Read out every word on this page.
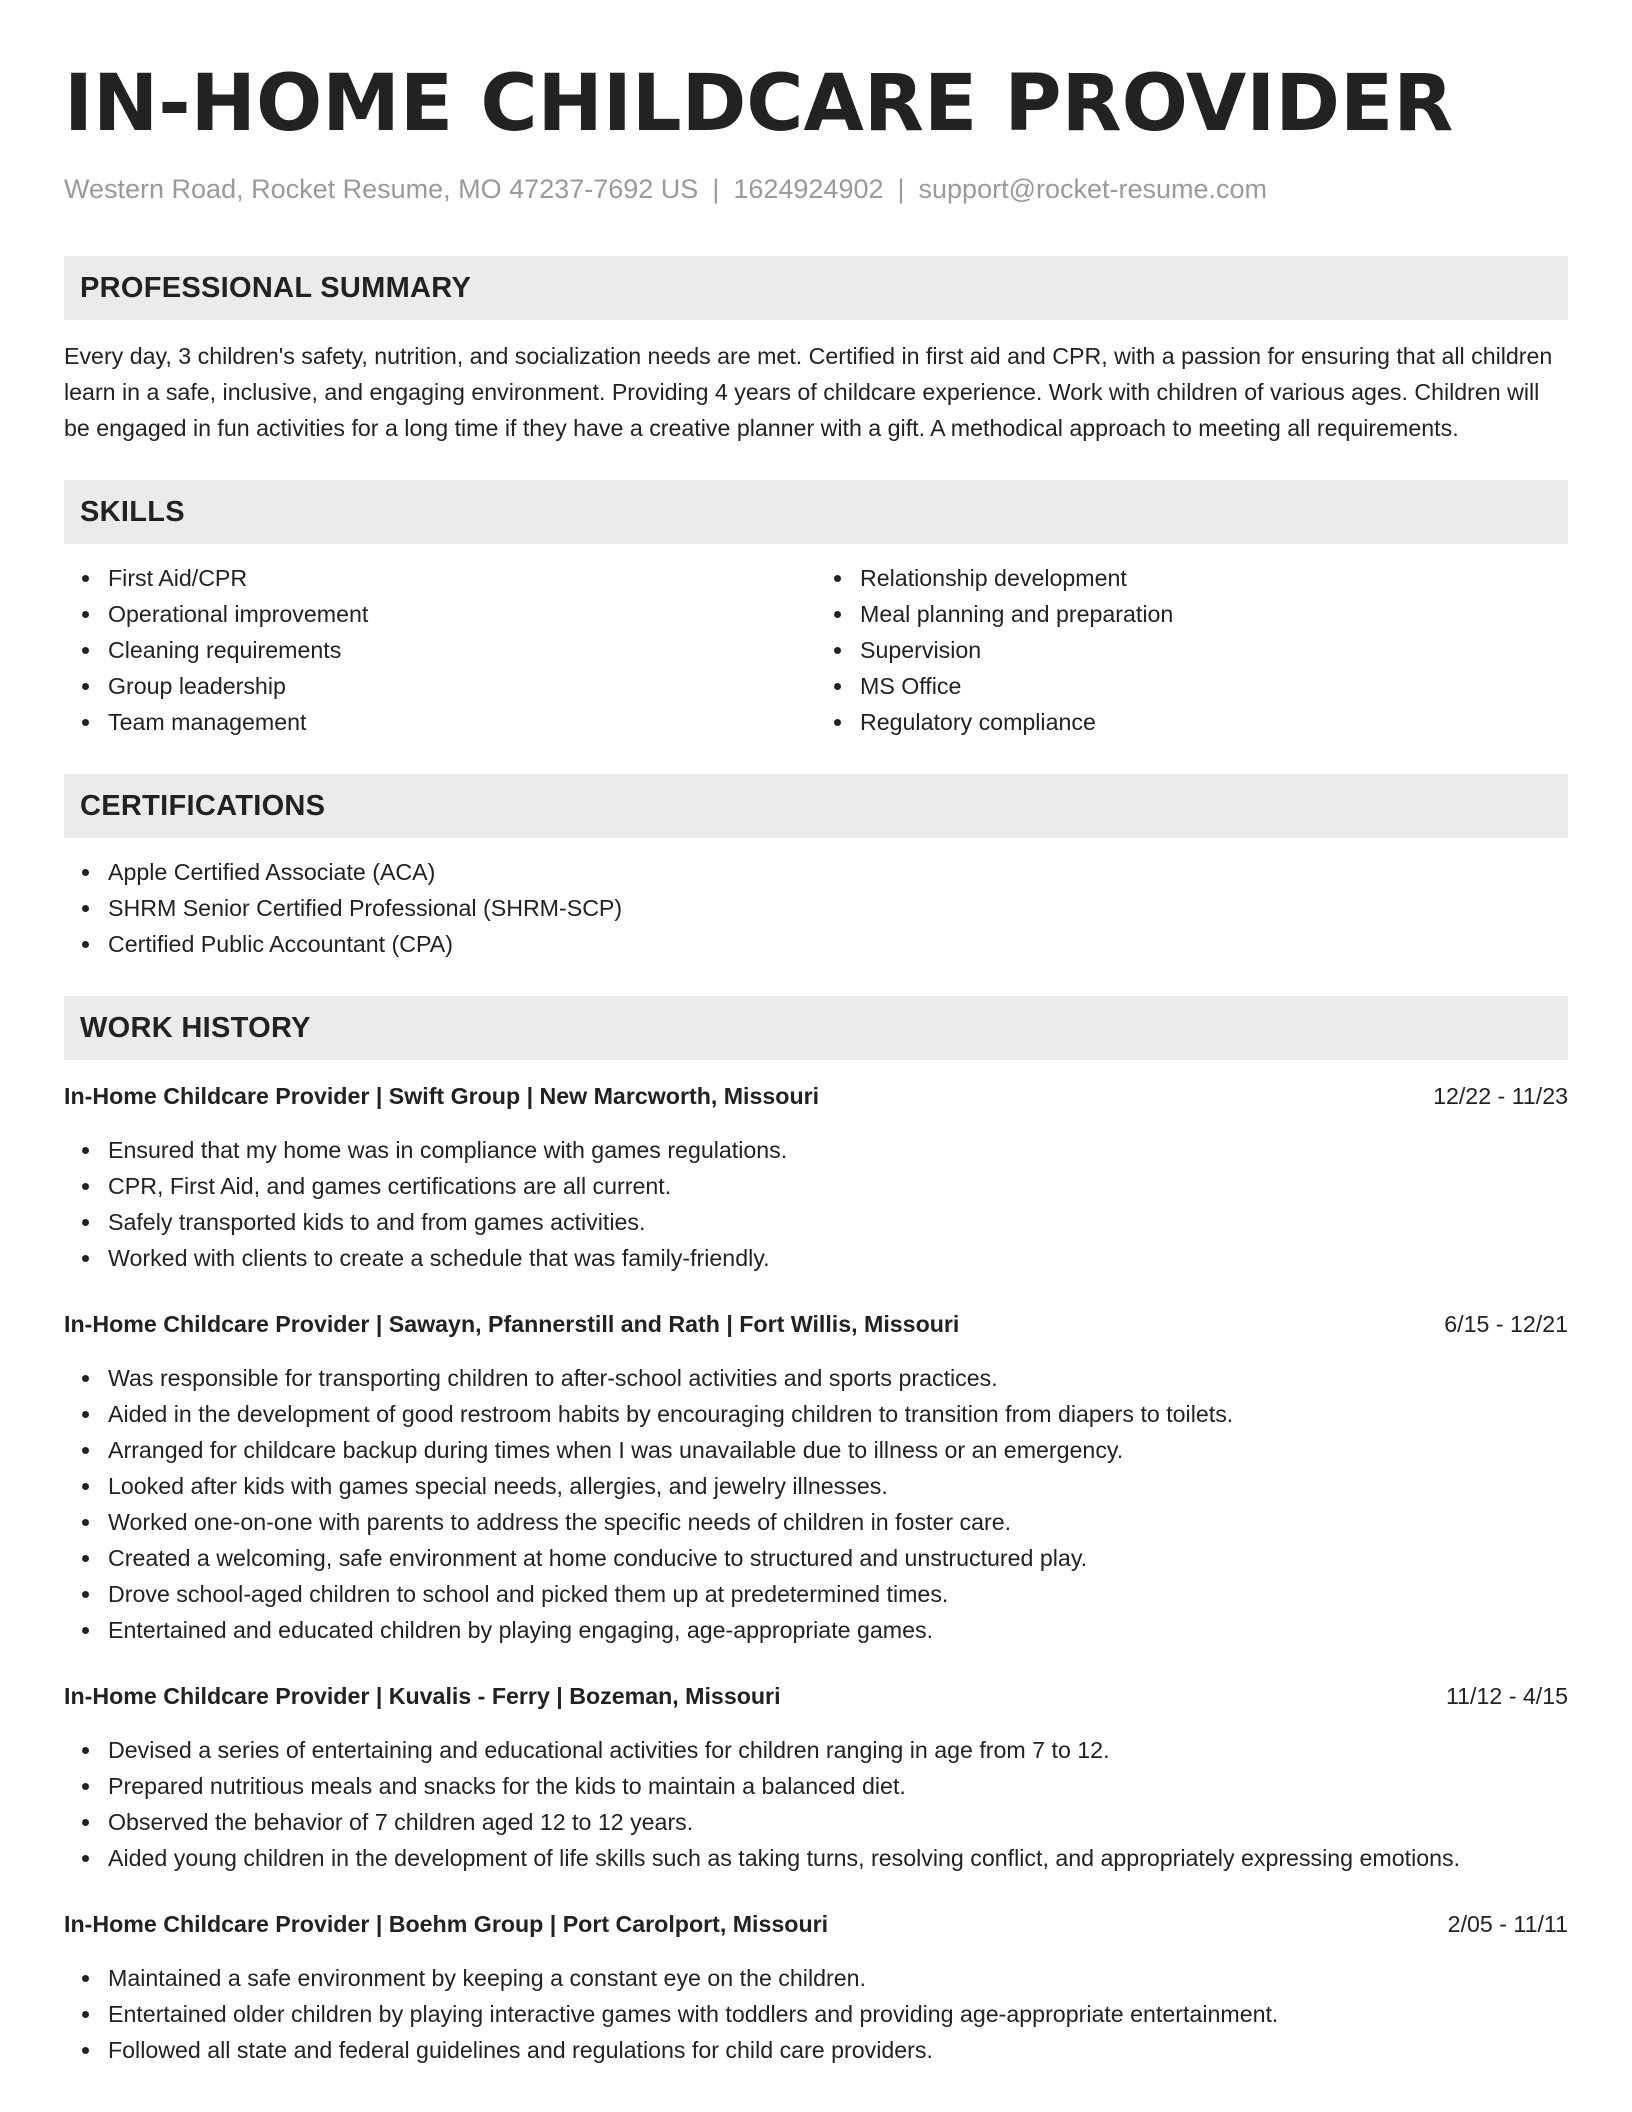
IN-HOME CHILDCARE PROVIDER
Western Road, Rocket Resume, MO 47237-7692 US | 1624924902 | support@rocket-resume.com
PROFESSIONAL SUMMARY
Every day, 3 children's safety, nutrition, and socialization needs are met. Certified in first aid and CPR, with a passion for ensuring that all children learn in a safe, inclusive, and engaging environment. Providing 4 years of childcare experience. Work with children of various ages. Children will be engaged in fun activities for a long time if they have a creative planner with a gift. A methodical approach to meeting all requirements.
SKILLS
First Aid/CPR
Operational improvement
Cleaning requirements
Group leadership
Team management
Relationship development
Meal planning and preparation
Supervision
MS Office
Regulatory compliance
CERTIFICATIONS
Apple Certified Associate (ACA)
SHRM Senior Certified Professional (SHRM-SCP)
Certified Public Accountant (CPA)
WORK HISTORY
In-Home Childcare Provider | Swift Group | New Marcworth, Missouri	12/22 - 11/23
Ensured that my home was in compliance with games regulations.
CPR, First Aid, and games certifications are all current.
Safely transported kids to and from games activities.
Worked with clients to create a schedule that was family-friendly.
In-Home Childcare Provider | Sawayn, Pfannerstill and Rath | Fort Willis, Missouri	6/15 - 12/21
Was responsible for transporting children to after-school activities and sports practices.
Aided in the development of good restroom habits by encouraging children to transition from diapers to toilets.
Arranged for childcare backup during times when I was unavailable due to illness or an emergency.
Looked after kids with games special needs, allergies, and jewelry illnesses.
Worked one-on-one with parents to address the specific needs of children in foster care.
Created a welcoming, safe environment at home conducive to structured and unstructured play.
Drove school-aged children to school and picked them up at predetermined times.
Entertained and educated children by playing engaging, age-appropriate games.
In-Home Childcare Provider | Kuvalis - Ferry | Bozeman, Missouri	11/12 - 4/15
Devised a series of entertaining and educational activities for children ranging in age from 7 to 12.
Prepared nutritious meals and snacks for the kids to maintain a balanced diet.
Observed the behavior of 7 children aged 12 to 12 years.
Aided young children in the development of life skills such as taking turns, resolving conflict, and appropriately expressing emotions.
In-Home Childcare Provider | Boehm Group | Port Carolport, Missouri	2/05 - 11/11
Maintained a safe environment by keeping a constant eye on the children.
Entertained older children by playing interactive games with toddlers and providing age-appropriate entertainment.
Followed all state and federal guidelines and regulations for child care providers.
